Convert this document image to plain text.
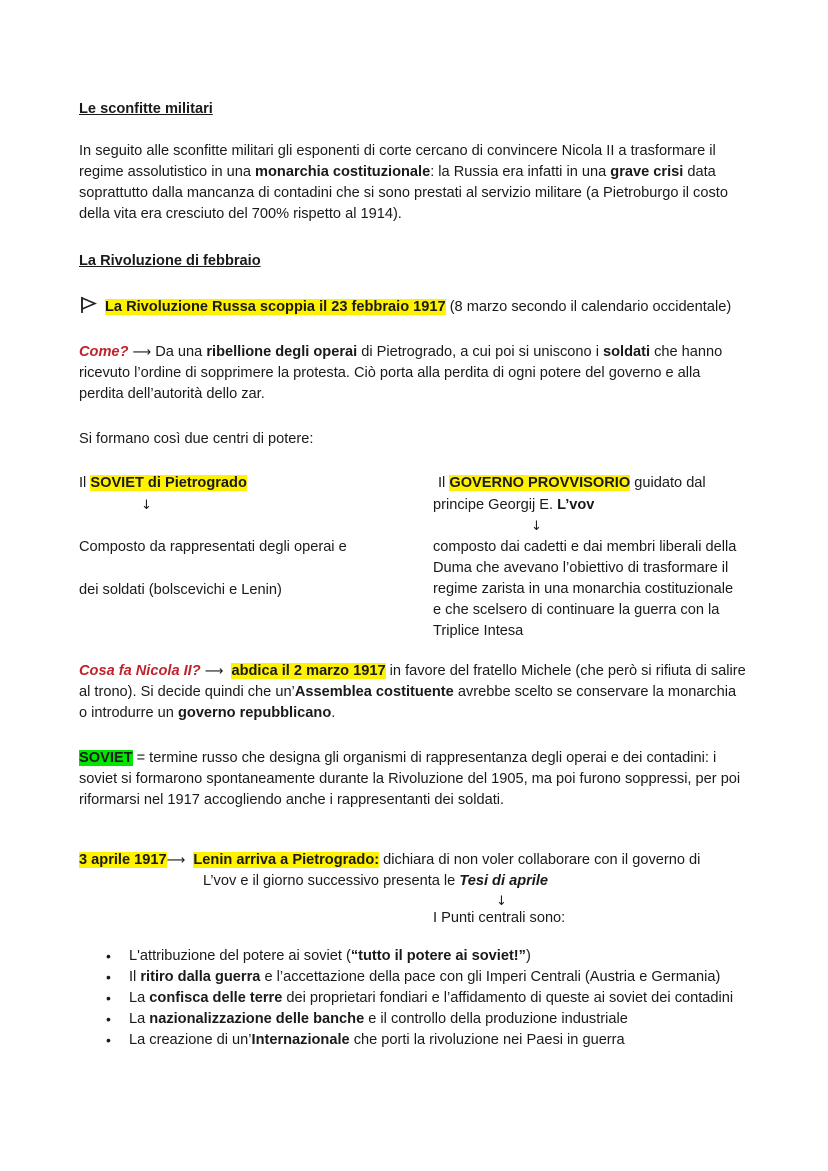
Le sconfitte militari
In seguito alle sconfitte militari gli esponenti di corte cercano di convincere Nicola II a trasformare il regime assolutistico in una monarchia costituzionale: la Russia era infatti in una grave crisi data soprattutto dalla mancanza di contadini che si sono prestati al servizio militare (a Pietroburgo il costo della vita era cresciuto del 700% rispetto al 1914).
La Rivoluzione di febbraio
La Rivoluzione Russa scoppia il 23 febbraio 1917 (8 marzo secondo il calendario occidentale)
Come? ⟶ Da una ribellione degli operai di Pietrogrado, a cui poi si uniscono i soldati che hanno ricevuto l’ordine di sopprimere la protesta. Ciò porta alla perdita di ogni potere del governo e alla perdita dell’autorità dello zar.
Si formano così due centri di potere:
Il SOVIET di Pietrogrado
↓
Composto da rappresentati degli operai e
dei soldati (bolscevichi e Lenin)
Il GOVERNO PROVVISORIO guidato dal
principe Georgij E. L’vov
↓
composto dai cadetti e dai membri liberali della Duma che avevano l’obiettivo di trasformare il regime zarista in una monarchia costituzionale e che scelsero di continuare la guerra con la Triplice Intesa
Cosa fa Nicola II? ⟶ abdica il 2 marzo 1917 in favore del fratello Michele (che però si rifiuta di salire al trono). Si decide quindi che un’Assemblea costituente avrebbe scelto se conservare la monarchia o introdurre un governo repubblicano.
SOVIET = termine russo che designa gli organismi di rappresentanza degli operai e dei contadini: i soviet si formarono spontaneamente durante la Rivoluzione del 1905, ma poi furono soppressi, per poi riformarsi nel 1917 accogliendo anche i rappresentanti dei soldati.
3 aprile 1917⟶ Lenin arriva a Pietrogrado: dichiara di non voler collaborare con il governo di
L’vov e il giorno successivo presenta le Tesi di aprile
↓
I Punti centrali sono:
• L'attribuzione del potere ai soviet (“tutto il potere ai soviet!”)
• Il ritiro dalla guerra e l’accettazione della pace con gli Imperi Centrali (Austria e Germania)
• La confisca delle terre dei proprietari fondiari e l’affidamento di queste ai soviet dei contadini
• La nazionalizzazione delle banche e il controllo della produzione industriale
• La creazione di un’Internazionale che porti la rivoluzione nei Paesi in guerra
